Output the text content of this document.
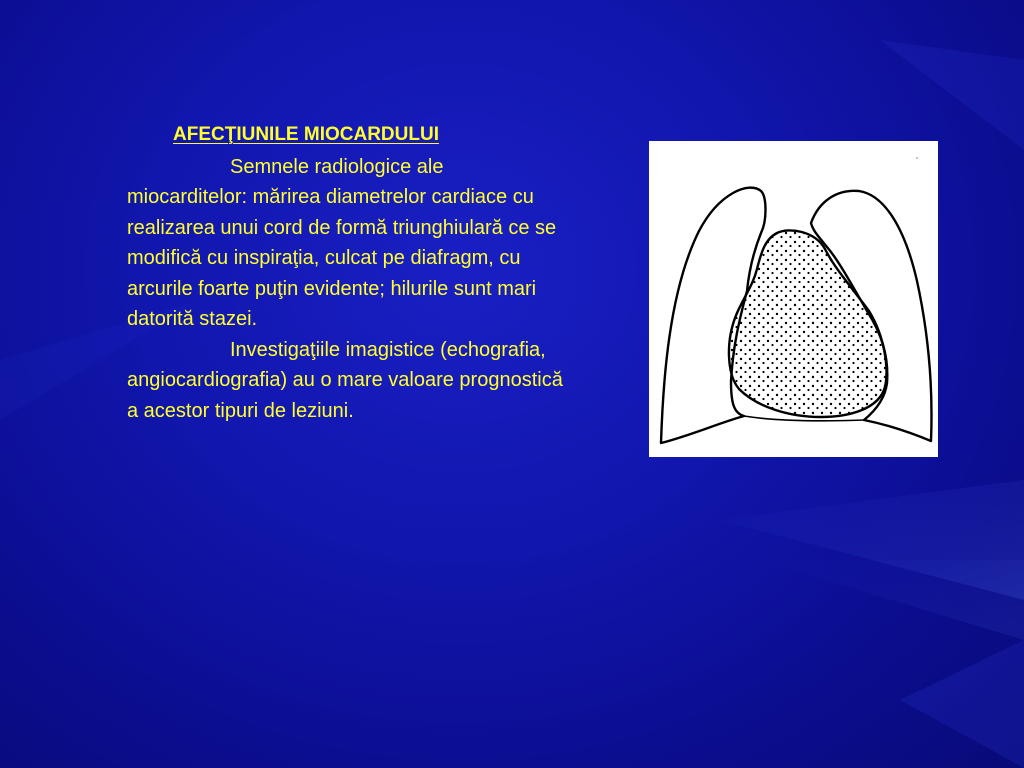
AFECŢIUNILE MIOCARDULUI

Semnele radiologice ale miocarditelor: mărirea diametrelor cardiace cu realizarea unui cord de formă triunghiulară ce se modifică cu inspiraţia, culcat pe diafragm, cu arcurile foarte puţin evidente; hilurile sunt mari datorită stazei.

Investigaţiile imagistice (echografia, angiocardiografia) au o mare valoare prognostică a acestor tipuri de leziuni.
